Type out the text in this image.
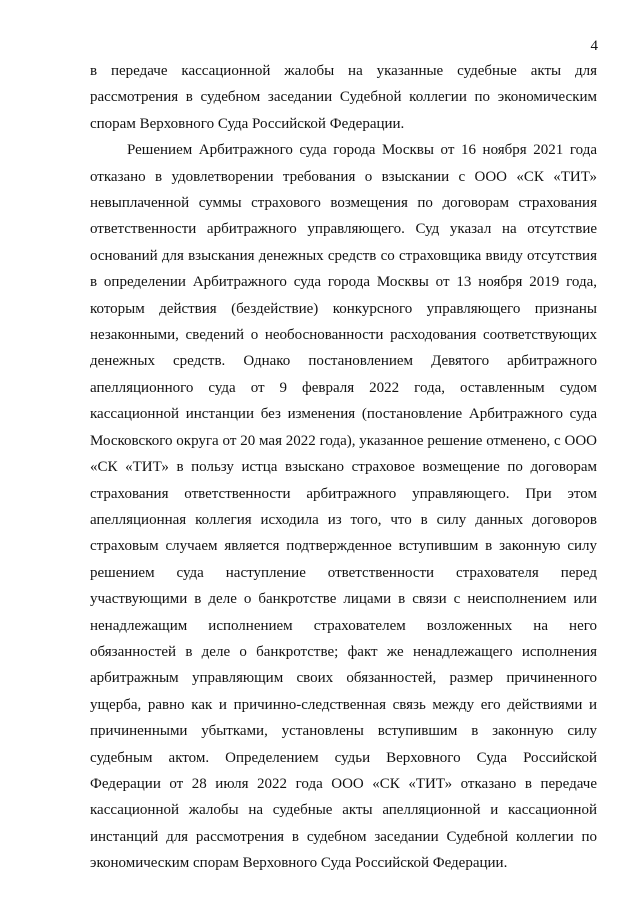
4

в передаче кассационной жалобы на указанные судебные акты для рассмотрения в судебном заседании Судебной коллегии по экономическим спорам Верховного Суда Российской Федерации.

Решением Арбитражного суда города Москвы от 16 ноября 2021 года отказано в удовлетворении требования о взыскании с ООО «СК «ТИТ» невыплаченной суммы страхового возмещения по договорам страхования ответственности арбитражного управляющего. Суд указал на отсутствие оснований для взыскания денежных средств со страховщика ввиду отсутствия в определении Арбитражного суда города Москвы от 13 ноября 2019 года, которым действия (бездействие) конкурсного управляющего признаны незаконными, сведений о необоснованности расходования соответствующих денежных средств. Однако постановлением Девятого арбитражного апелляционного суда от 9 февраля 2022 года, оставленным судом кассационной инстанции без изменения (постановление Арбитражного суда Московского округа от 20 мая 2022 года), указанное решение отменено, с ООО «СК «ТИТ» в пользу истца взыскано страховое возмещение по договорам страхования ответственности арбитражного управляющего. При этом апелляционная коллегия исходила из того, что в силу данных договоров страховым случаем является подтвержденное вступившим в законную силу решением суда наступление ответственности страхователя перед участвующими в деле о банкротстве лицами в связи с неисполнением или ненадлежащим исполнением страхователем возложенных на него обязанностей в деле о банкротстве; факт же ненадлежащего исполнения арбитражным управляющим своих обязанностей, размер причиненного ущерба, равно как и причинно-следственная связь между его действиями и причиненными убытками, установлены вступившим в законную силу судебным актом. Определением судьи Верховного Суда Российской Федерации от 28 июля 2022 года ООО «СК «ТИТ» отказано в передаче кассационной жалобы на судебные акты апелляционной и кассационной инстанций для рассмотрения в судебном заседании Судебной коллегии по экономическим спорам Верховного Суда Российской Федерации.
